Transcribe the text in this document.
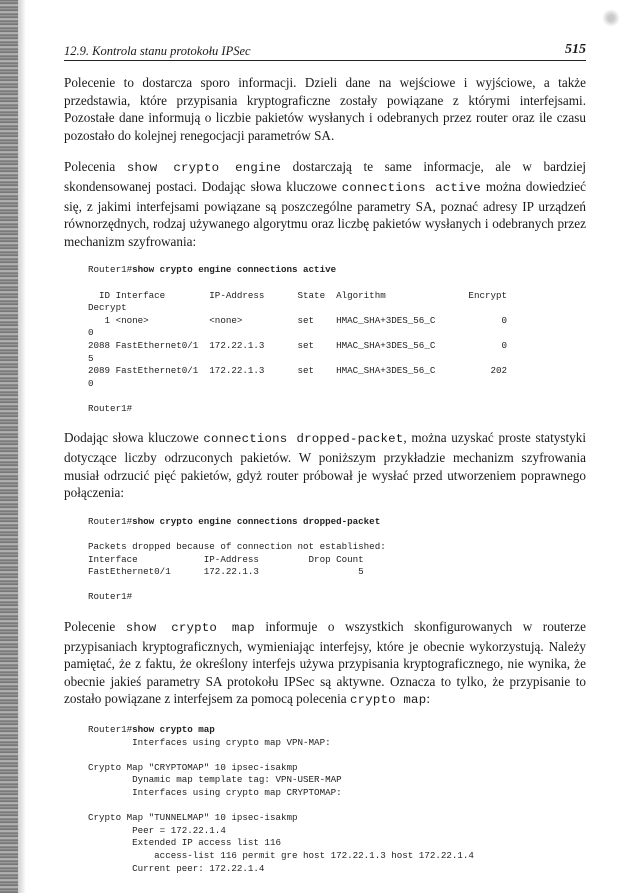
12.9. Kontrola stanu protokołu IPSec	515

Polecenie to dostarcza sporo informacji. Dzieli dane na wejściowe i wyjściowe, a także przedstawia, które przypisania kryptograficzne zostały powiązane z którymi interfejsami. Pozostałe dane informują o liczbie pakietów wysłanych i odebranych przez router oraz ile czasu pozostało do kolejnej renegocjacji parametrów SA.

Polecenia show crypto engine dostarczają te same informacje, ale w bardziej skondensowanej postaci. Dodając słowa kluczowe connections active można dowiedzieć się, z jakimi interfejsami powiązane są poszczególne parametry SA, poznać adresy IP urządzeń równorzędnych, rodzaj używanego algorytmu oraz liczbę pakietów wysłanych i odebranych przez mechanizm szyfrowania:

Router1#show crypto engine connections active

ID Interface        IP-Address      State  Algorithm               Encrypt
Decrypt
1 <none>           <none>          set    HMAC_SHA+3DES_56_C            0
0
2088 FastEthernet0/1  172.22.1.3      set    HMAC_SHA+3DES_56_C            0
5
2089 FastEthernet0/1  172.22.1.3      set    HMAC_SHA+3DES_56_C          202
0

Router1#

Dodając słowa kluczowe connections dropped-packet, można uzyskać proste statystyki dotyczące liczby odrzuconych pakietów. W poniższym przykładzie mechanizm szyfrowania musiał odrzucić pięć pakietów, gdyż router próbował je wysłać przed utworzeniem poprawnego połączenia:

Router1#show crypto engine connections dropped-packet

Packets dropped because of connection not established:
Interface            IP-Address         Drop Count
FastEthernet0/1      172.22.1.3                  5

Router1#

Polecenie show crypto map informuje o wszystkich skonfigurowanych w routerze przypisaniach kryptograficznych, wymieniając interfejsy, które je obecnie wykorzystują. Należy pamiętać, że z faktu, że określony interfejs używa przypisania kryptograficznego, nie wynika, że obecnie jakieś parametry SA protokołu IPSec są aktywne. Oznacza to tylko, że przypisanie to zostało powiązane z interfejsem za pomocą polecenia crypto map:

Router1#show crypto map
Interfaces using crypto map VPN-MAP:

Crypto Map "CRYPTOMAP" 10 ipsec-isakmp
Dynamic map template tag: VPN-USER-MAP
Interfaces using crypto map CRYPTOMAP:

Crypto Map "TUNNELMAP" 10 ipsec-isakmp
Peer = 172.22.1.4
Extended IP access list 116
access-list 116 permit gre host 172.22.1.3 host 172.22.1.4
Current peer: 172.22.1.4
